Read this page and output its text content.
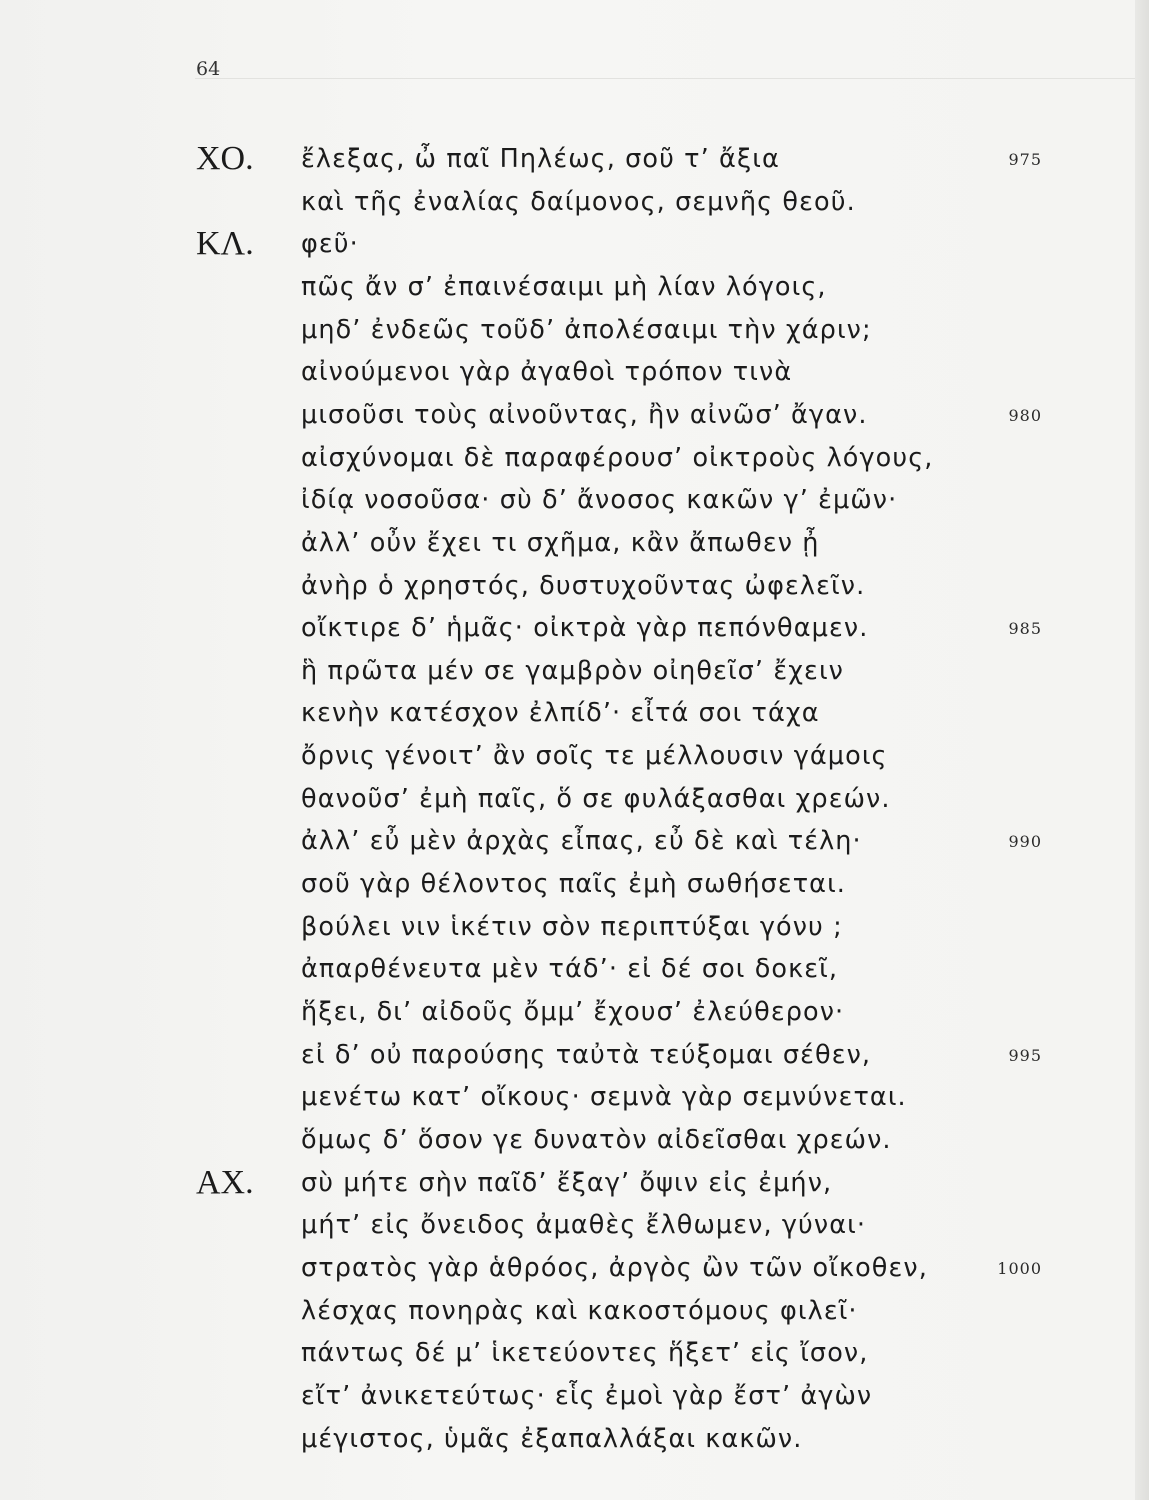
64
ΧΟ. ἔλεξας, ὦ παῖ Πηλέως, σοῦ τ’ ἄξια	975
καὶ τῆς ἐναλίας δαίμονος, σεμνῆς θεοῦ.
ΚΛ. φεῦ·
πῶς ἄν σ’ ἐπαινέσαιμι μὴ λίαν λόγοις,
μηδ’ ἐνδεῶς τοῦδ’ ἀπολέσαιμι τὴν χάριν;
αἰνούμενοι γὰρ ἀγαθοὶ τρόπον τινὰ
μισοῦσι τοὺς αἰνοῦντας, ἢν αἰνῶσ’ ἄγαν.	980
αἰσχύνομαι δὲ παραφέρουσ’ οἰκτροὺς λόγους,
ἰδίᾳ νοσοῦσα· σὺ δ’ ἄνοσος κακῶν γ’ ἐμῶν·
ἀλλ’ οὖν ἔχει τι σχῆμα, κἂν ἄπωθεν ᾖ
ἀνὴρ ὁ χρηστός, δυστυχοῦντας ὠφελεῖν.
οἴκτιρε δ’ ἡμᾶς· οἰκτρὰ γὰρ πεπόνθαμεν.	985
ἣ πρῶτα μέν σε γαμβρὸν οἰηθεῖσ’ ἔχειν
κενὴν κατέσχον ἐλπίδ’· εἶτά σοι τάχα
ὄρνις γένοιτ’ ἂν σοῖς τε μέλλουσιν γάμοις
θανοῦσ’ ἐμὴ παῖς, ὅ σε φυλάξασθαι χρεών.
ἀλλ’ εὖ μὲν ἀρχὰς εἶπας, εὖ δὲ καὶ τέλη·	990
σοῦ γὰρ θέλοντος παῖς ἐμὴ σωθήσεται.
βούλει νιν ἱκέτιν σὸν περιπτύξαι γόνυ ;
ἀπαρθένευτα μὲν τάδ’· εἰ δέ σοι δοκεῖ,
ἥξει, δι’ αἰδοῦς ὄμμ’ ἔχουσ’ ἐλεύθερον·
εἰ δ’ οὐ παρούσης ταὐτὰ τεύξομαι σέθεν,	995
μενέτω κατ’ οἴκους· σεμνὰ γὰρ σεμνύνεται.
ὅμως δ’ ὅσον γε δυνατὸν αἰδεῖσθαι χρεών.
ΑΧ. σὺ μήτε σὴν παῖδ’ ἔξαγ’ ὄψιν εἰς ἐμήν,
μήτ’ εἰς ὄνειδος ἀμαθὲς ἔλθωμεν, γύναι·
στρατὸς γὰρ ἁθρόος, ἀργὸς ὢν τῶν οἴκοθεν,	1000
λέσχας πονηρὰς καὶ κακοστόμους φιλεῖ·
πάντως δέ μ’ ἱκετεύοντες ἥξετ’ εἰς ἴσον,
εἴτ’ ἀνικετεύτως· εἷς ἐμοὶ γὰρ ἔστ’ ἀγὼν
μέγιστος, ὑμᾶς ἐξαπαλλάξαι κακῶν.
